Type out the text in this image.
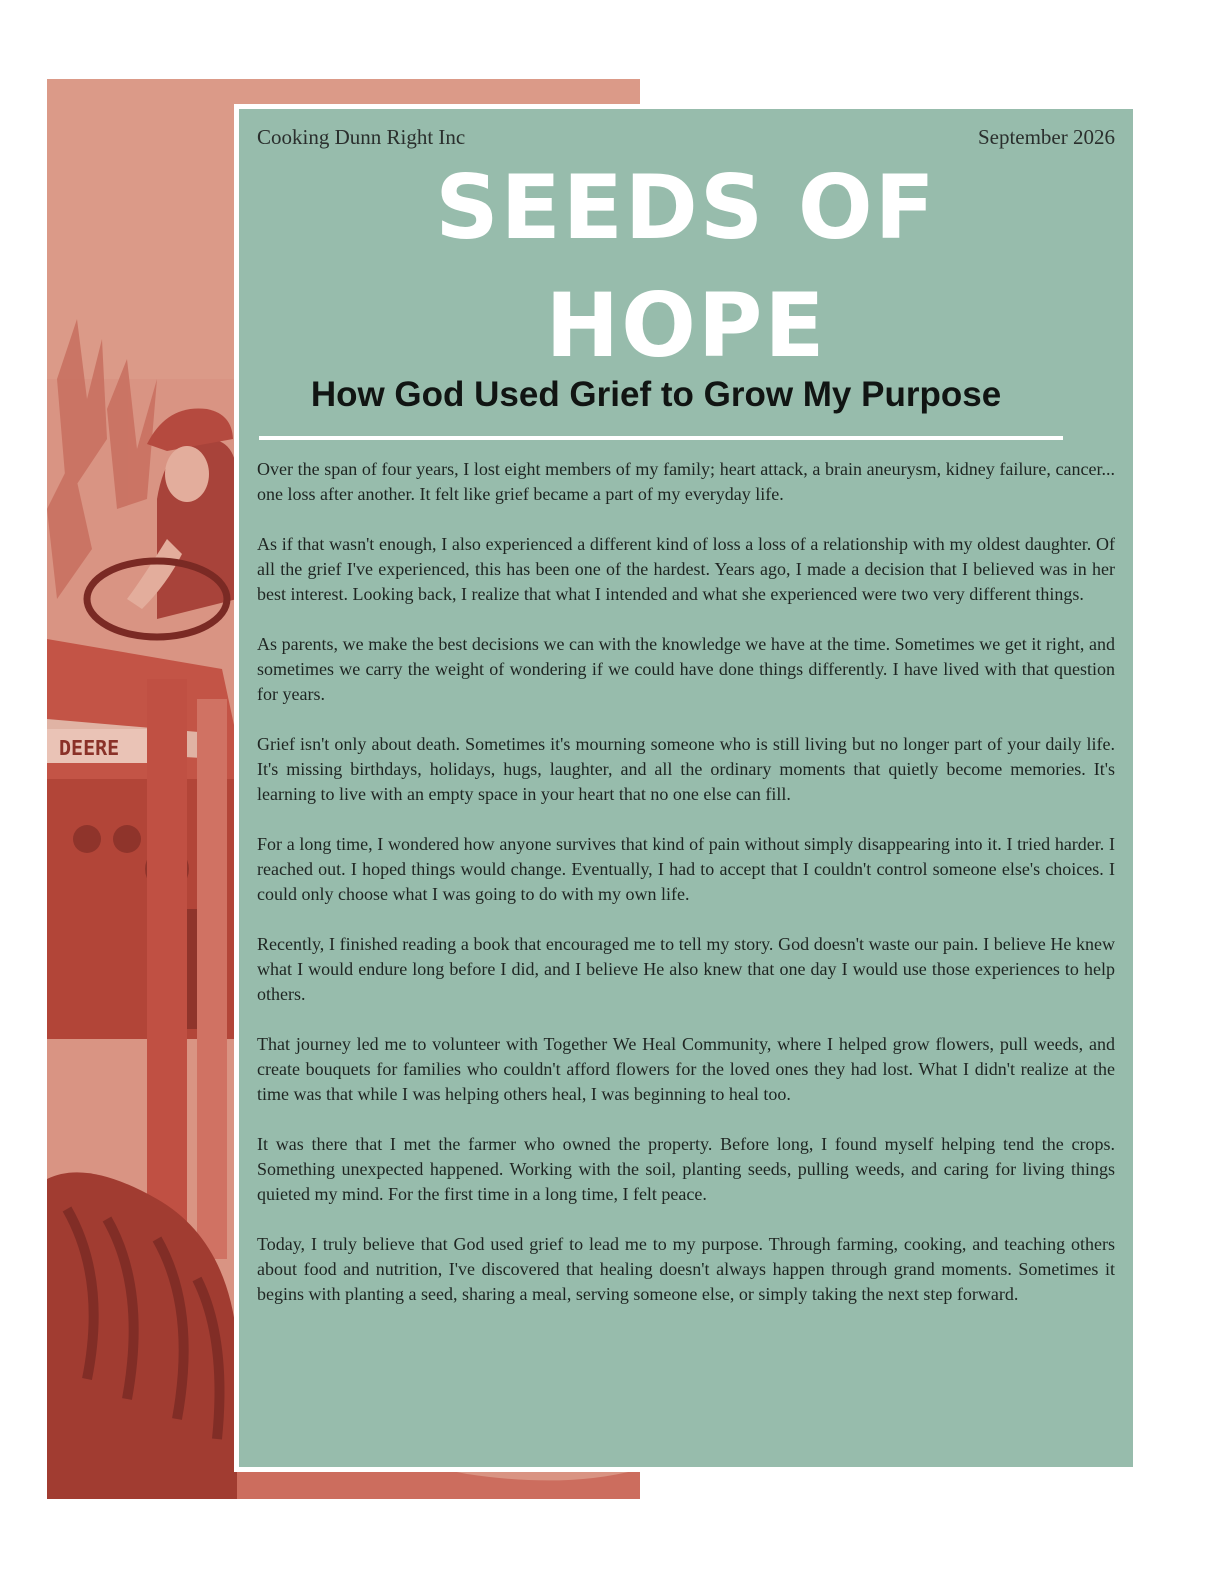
DEERE
Cooking Dunn Right Inc	September 2026
SEEDS OF
HOPE
How God Used Grief to Grow My Purpose

Over the span of four years, I lost eight members of my family; heart attack, a brain aneurysm, kidney failure, cancer... one loss after another. It felt like grief became a part of my everyday life.

As if that wasn't enough, I also experienced a different kind of loss a loss of a relationship with my oldest daughter. Of all the grief I've experienced, this has been one of the hardest. Years ago, I made a decision that I believed was in her best interest. Looking back, I realize that what I intended and what she experienced were two very different things.

As parents, we make the best decisions we can with the knowledge we have at the time. Sometimes we get it right, and sometimes we carry the weight of wondering if we could have done things differently. I have lived with that question for years.

Grief isn't only about death. Sometimes it's mourning someone who is still living but no longer part of your daily life. It's missing birthdays, holidays, hugs, laughter, and all the ordinary moments that quietly become memories. It's learning to live with an empty space in your heart that no one else can fill.

For a long time, I wondered how anyone survives that kind of pain without simply disappearing into it. I tried harder. I reached out. I hoped things would change. Eventually, I had to accept that I couldn't control someone else's choices. I could only choose what I was going to do with my own life.

Recently, I finished reading a book that encouraged me to tell my story. God doesn't waste our pain. I believe He knew what I would endure long before I did, and I believe He also knew that one day I would use those experiences to help others.

That journey led me to volunteer with Together We Heal Community, where I helped grow flowers, pull weeds, and create bouquets for families who couldn't afford flowers for the loved ones they had lost. What I didn't realize at the time was that while I was helping others heal, I was beginning to heal too.

It was there that I met the farmer who owned the property. Before long, I found myself helping tend the crops. Something unexpected happened. Working with the soil, planting seeds, pulling weeds, and caring for living things quieted my mind. For the first time in a long time, I felt peace.

Today, I truly believe that God used grief to lead me to my purpose. Through farming, cooking, and teaching others about food and nutrition, I've discovered that healing doesn't always happen through grand moments. Sometimes it begins with planting a seed, sharing a meal, serving someone else, or simply taking the next step forward.
